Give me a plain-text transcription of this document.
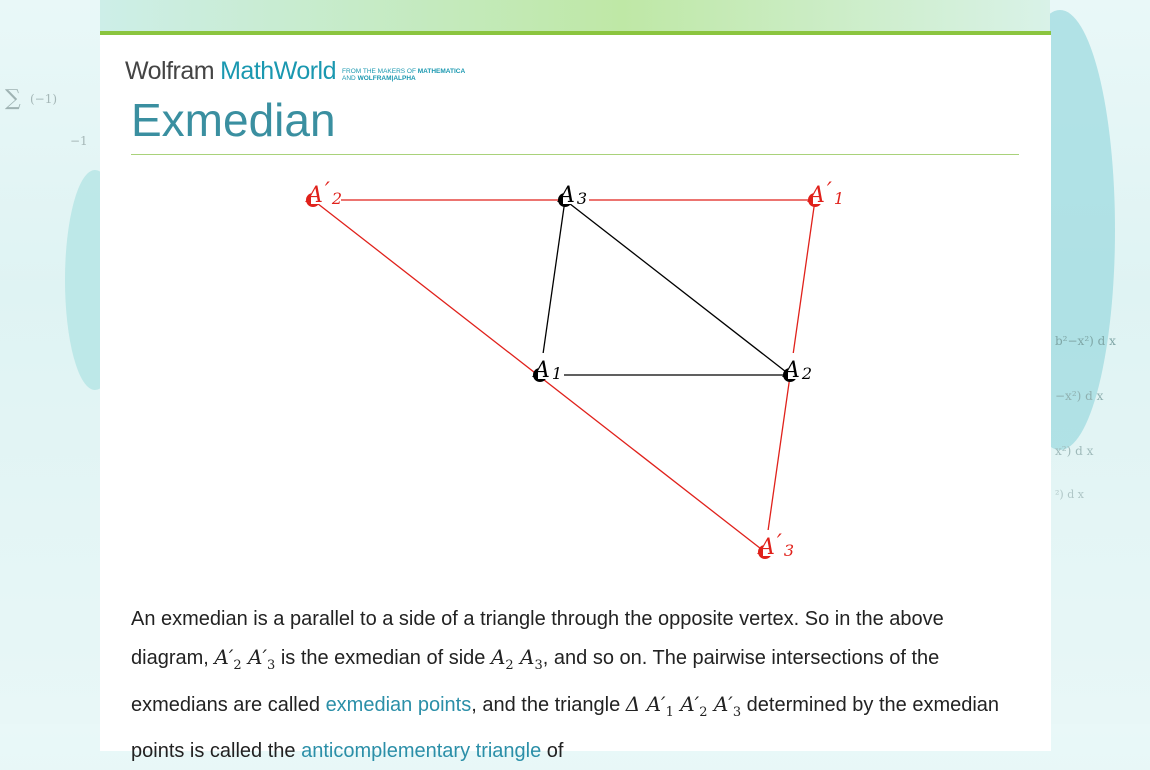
∑ (−1)
−1
b²−x²) d x
−x²) d x
x²) d x
²) d x
Wolfram MathWorld FROM THE MAKERS OF MATHEMATICA
AND WOLFRAM|ALPHA
Exmedian
A 1	A 2
A 3	A′ $_1$
A′ $_2$
A′ $_3$

An exmedian is a parallel to a side of a triangle through the opposite vertex. So in the above diagram, $A'_2$ $A'_3$ is the exmedian of side $A_2$ $A_3$, and so on. The pairwise intersections of the exmedians are called exmedian points, and the triangle Δ $A'_1$ $A'_2$ $A'_3$ determined by the exmedian points is called the anticomplementary triangle of
